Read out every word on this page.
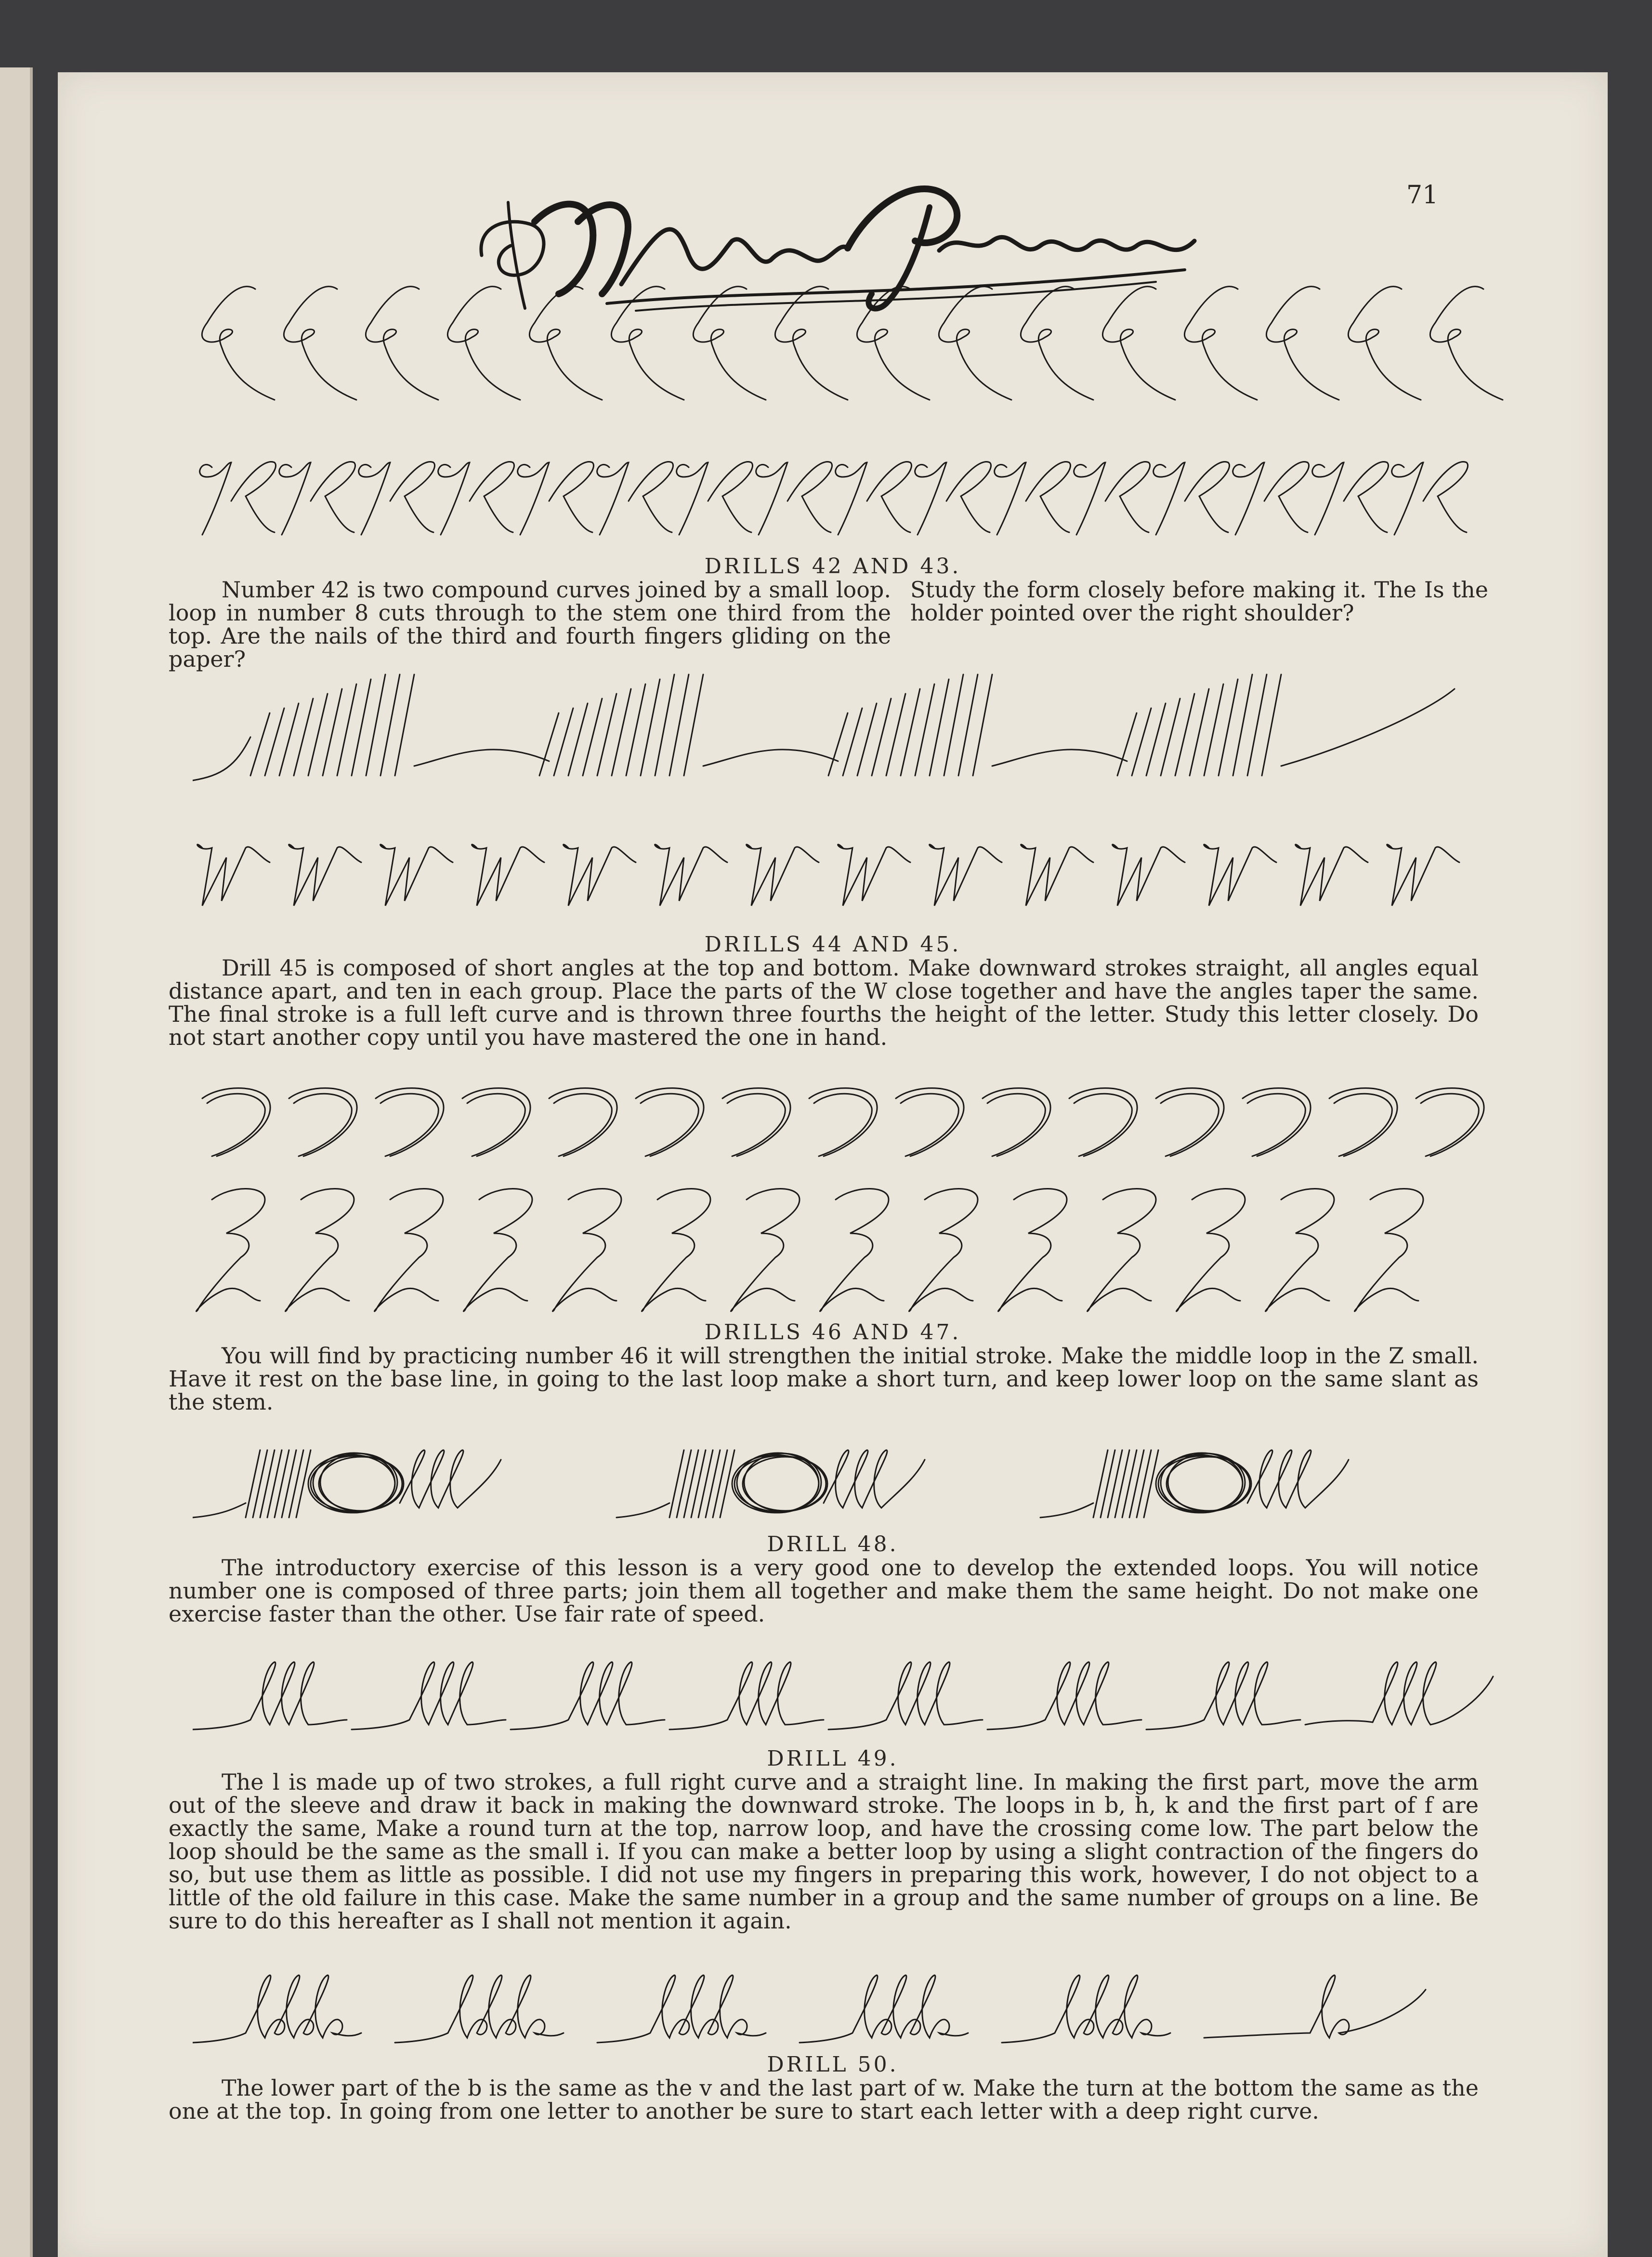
71
DRILLS 42 AND 43.
Number 42 is two compound curves joined by a small loop. loop in number 8 cuts through to the stem one third from the top. Are the nails of the third and fourth fingers gliding on the paper?
Study the form closely before making it. The Is the holder pointed over the right shoulder?
DRILLS 44 AND 45.
Drill 45 is composed of short angles at the top and bottom. Make downward strokes straight, all angles equal distance apart, and ten in each group. Place the parts of the W close together and have the angles taper the same. The final stroke is a full left curve and is thrown three fourths the height of the letter. Study this letter closely. Do not start another copy until you have mastered the one in hand.
DRILLS 46 AND 47.
You will find by practicing number 46 it will strengthen the initial stroke. Make the middle loop in the Z small. Have it rest on the base line, in going to the last loop make a short turn, and keep lower loop on the same slant as the stem.
DRILL 48.
The introductory exercise of this lesson is a very good one to develop the extended loops. You will notice number one is composed of three parts; join them all together and make them the same height. Do not make one exercise faster than the other. Use fair rate of speed.
DRILL 49.
The l is made up of two strokes, a full right curve and a straight line. In making the first part, move the arm out of the sleeve and draw it back in making the downward stroke. The loops in b, h, k and the first part of f are exactly the same, Make a round turn at the top, narrow loop, and have the crossing come low. The part below the loop should be the same as the small i. If you can make a better loop by using a slight contraction of the fingers do so, but use them as little as possible. I did not use my fingers in preparing this work, however, I do not object to a little of the old failure in this case. Make the same number in a group and the same number of groups on a line. Be sure to do this hereafter as I shall not mention it again.
DRILL 50.
The lower part of the b is the same as the v and the last part of w. Make the turn at the bottom the same as the one at the top. In going from one letter to another be sure to start each letter with a deep right curve.
